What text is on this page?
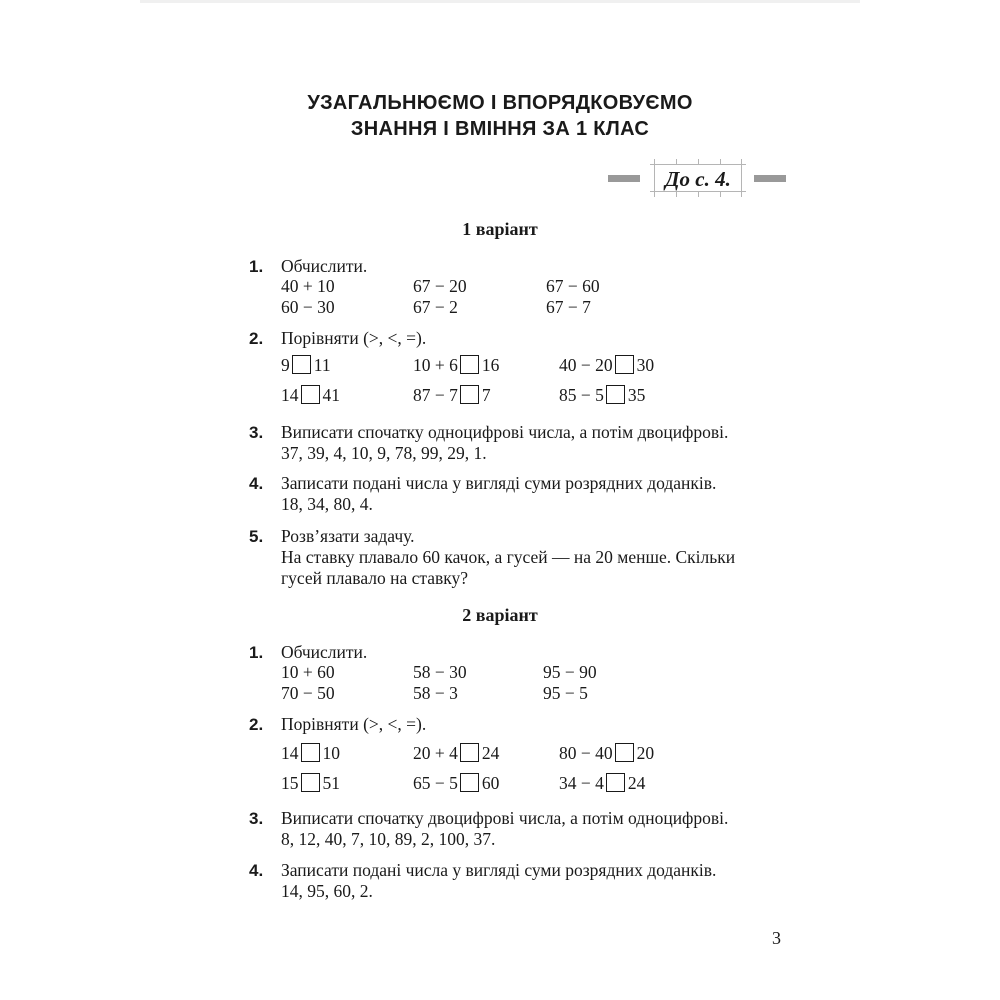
УЗАГАЛЬНЮЄМО І ВПОРЯДКОВУЄМО
ЗНАННЯ І ВМІННЯ ЗА 1 КЛАС
До с. 4.
1 варіант
1. Обчислити.
40 + 10	67 − 20	67 − 60
60 − 30	67 − 2	67 − 7
2. Порівняти (>, <, =).
9 11	10 + 6 16	40 − 20 30
14 41	87 − 7 7	85 − 5 35
3. Виписати спочатку одноцифрові числа, а потім двоцифрові.
37, 39, 4, 10, 9, 78, 99, 29, 1.
4. Записати подані числа у вигляді суми розрядних доданків.
18, 34, 80, 4.
5. Розв’язати задачу.
На ставку плавало 60 качок, а гусей — на 20 менше. Скільки
гусей плавало на ставку?
2 варіант
1. Обчислити.
10 + 60	58 − 30	95 − 90
70 − 50	58 − 3	95 − 5
2. Порівняти (>, <, =).
14 10	20 + 4 24	80 − 40 20
15 51	65 − 5 60	34 − 4 24
3. Виписати спочатку двоцифрові числа, а потім одноцифрові.
8, 12, 40, 7, 10, 89, 2, 100, 37.
4. Записати подані числа у вигляді суми розрядних доданків.
14, 95, 60, 2.
3
